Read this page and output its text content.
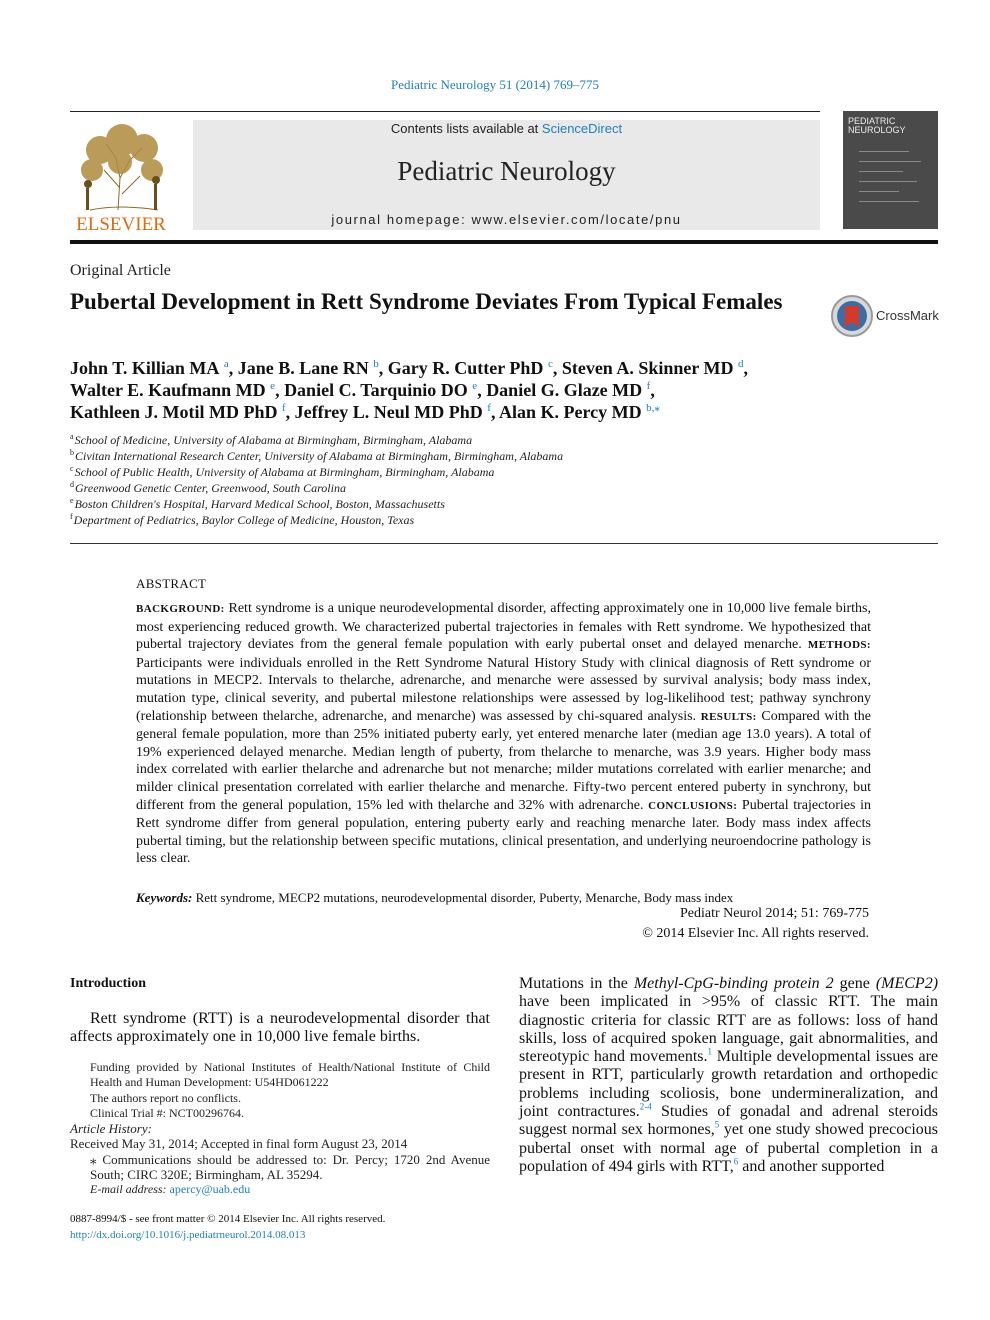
Pediatric Neurology 51 (2014) 769–775
ELSEVIER
Contents lists available at ScienceDirect
Pediatric Neurology
journal homepage: www.elsevier.com/locate/pnu
PEDIATRIC
NEUROLOGY
Original Article
Pubertal Development in Rett Syndrome Deviates From Typical Females
CrossMark
John T. Killian MA $^a$, Jane B. Lane RN $^b$, Gary R. Cutter PhD $^c$, Steven A. Skinner MD $^d$,
Walter E. Kaufmann MD $^e$, Daniel C. Tarquinio DO $^e$, Daniel G. Glaze MD $^f$,
Kathleen J. Motil MD PhD $^f$, Jeffrey L. Neul MD PhD $^f$, Alan K. Percy MD $^{b,⁎}$
$^a$School of Medicine, University of Alabama at Birmingham, Birmingham, Alabama
$^b$Civitan International Research Center, University of Alabama at Birmingham, Birmingham, Alabama
$^c$School of Public Health, University of Alabama at Birmingham, Birmingham, Alabama
$^d$Greenwood Genetic Center, Greenwood, South Carolina
$^e$Boston Children's Hospital, Harvard Medical School, Boston, Massachusetts
$^f$Department of Pediatrics, Baylor College of Medicine, Houston, Texas
ABSTRACT
BACKGROUND: Rett syndrome is a unique neurodevelopmental disorder, affecting approximately one in 10,000 live female births, most experiencing reduced growth. We characterized pubertal trajectories in females with Rett syndrome. We hypothesized that pubertal trajectory deviates from the general female population with early pubertal onset and delayed menarche. METHODS: Participants were individuals enrolled in the Rett Syndrome Natural History Study with clinical diagnosis of Rett syndrome or mutations in MECP2. Intervals to thelarche, adrenarche, and menarche were assessed by survival analysis; body mass index, mutation type, clinical severity, and pubertal milestone relationships were assessed by log-likelihood test; pathway synchrony (relationship between thelarche, adrenarche, and menarche) was assessed by chi-squared analysis. RESULTS: Compared with the general female population, more than 25% initiated puberty early, yet entered menarche later (median age 13.0 years). A total of 19% experienced delayed menarche. Median length of puberty, from thelarche to menarche, was 3.9 years. Higher body mass index correlated with earlier thelarche and adrenarche but not menarche; milder mutations correlated with earlier menarche; and milder clinical presentation correlated with earlier thelarche and menarche. Fifty-two percent entered puberty in synchrony, but different from the general population, 15% led with thelarche and 32% with adrenarche. CONCLUSIONS: Pubertal trajectories in Rett syndrome differ from general population, entering puberty early and reaching menarche later. Body mass index affects pubertal timing, but the relationship between specific mutations, clinical presentation, and underlying neuroendocrine pathology is less clear.
Keywords: Rett syndrome, MECP2 mutations, neurodevelopmental disorder, Puberty, Menarche, Body mass index
Pediatr Neurol 2014; 51: 769-775
© 2014 Elsevier Inc. All rights reserved.
Introduction
Rett syndrome (RTT) is a neurodevelopmental disorder that affects approximately one in 10,000 live female births.
Funding provided by National Institutes of Health/National Institute of Child Health and Human Development: U54HD061222
The authors report no conflicts.
Clinical Trial #: NCT00296764.
Article History:
Received May 31, 2014; Accepted in final form August 23, 2014
⁎ Communications should be addressed to: Dr. Percy; 1720 2nd Avenue South; CIRC 320E; Birmingham, AL 35294.
E-mail address: apercy@uab.edu
0887-8994/$ - see front matter © 2014 Elsevier Inc. All rights reserved.
http://dx.doi.org/10.1016/j.pediatrneurol.2014.08.013
Mutations in the Methyl-CpG-binding protein 2 gene (MECP2) have been implicated in >95% of classic RTT. The main diagnostic criteria for classic RTT are as follows: loss of hand skills, loss of acquired spoken language, gait abnormalities, and stereotypic hand movements.$^1$ Multiple developmental issues are present in RTT, particularly growth retardation and orthopedic problems including scoliosis, bone undermineralization, and joint contractures.$^{2-4}$ Studies of gonadal and adrenal steroids suggest normal sex hormones,$^5$ yet one study showed precocious pubertal onset with normal age of pubertal completion in a population of 494 girls with RTT,$^6$ and another supported
